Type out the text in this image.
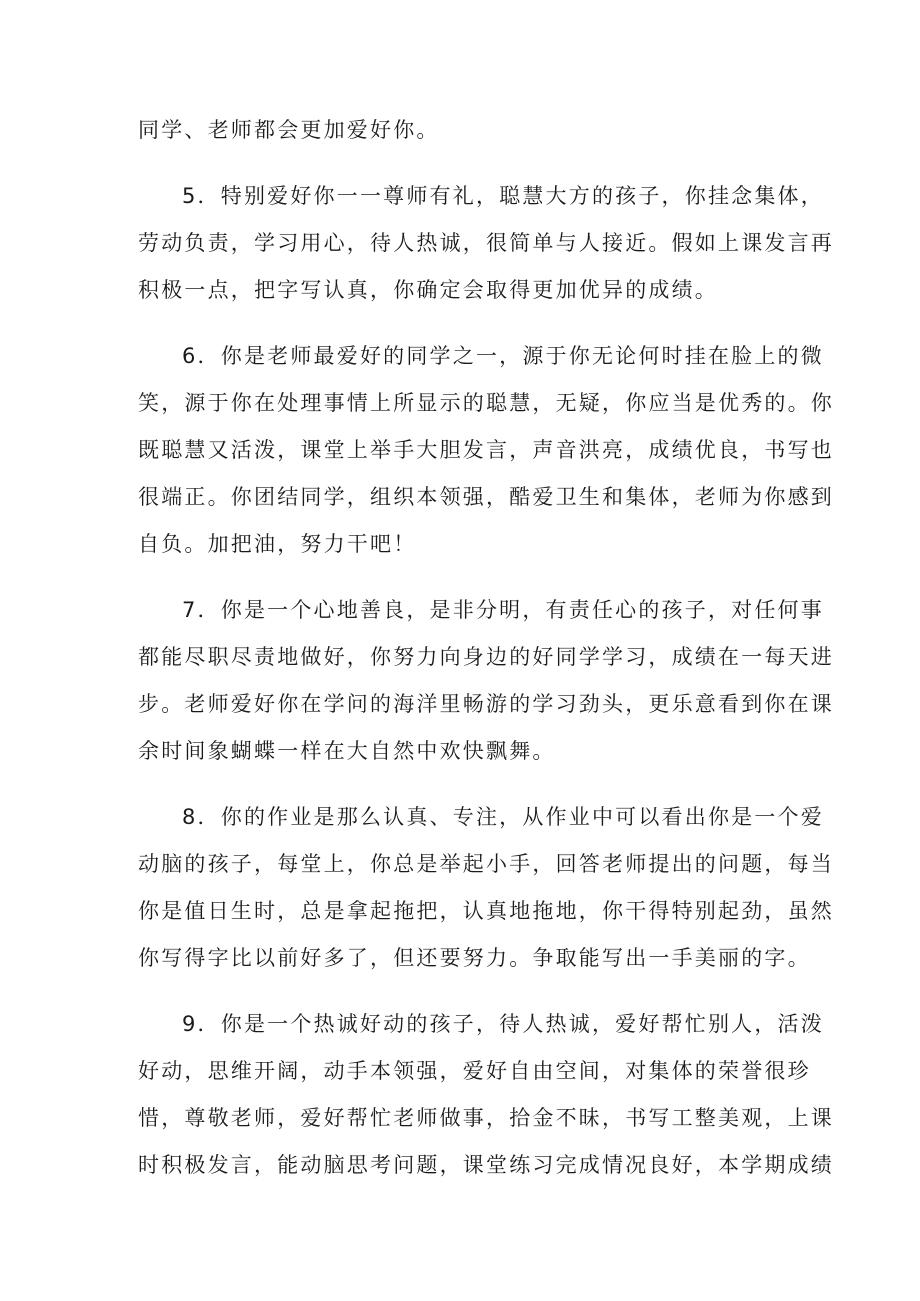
同学、老师都会更加爱好你。
5．特别爱好你一一尊师有礼，聪慧大方的孩子，你挂念集体，
劳动负责，学习用心，待人热诚，很简单与人接近。假如上课发言再
积极一点，把字写认真，你确定会取得更加优异的成绩。
6．你是老师最爱好的同学之一，源于你无论何时挂在脸上的微
笑，源于你在处理事情上所显示的聪慧，无疑，你应当是优秀的。你
既聪慧又活泼，课堂上举手大胆发言，声音洪亮，成绩优良，书写也
很端正。你团结同学，组织本领强，酷爱卫生和集体，老师为你感到
自负。加把油，努力干吧！
7．你是一个心地善良，是非分明，有责任心的孩子，对任何事
都能尽职尽责地做好，你努力向身边的好同学学习，成绩在一每天进
步。老师爱好你在学问的海洋里畅游的学习劲头，更乐意看到你在课
余时间象蝴蝶一样在大自然中欢快飘舞。
8．你的作业是那么认真、专注，从作业中可以看出你是一个爱
动脑的孩子，每堂上，你总是举起小手，回答老师提出的问题，每当
你是值日生时，总是拿起拖把，认真地拖地，你干得特别起劲，虽然
你写得字比以前好多了，但还要努力。争取能写出一手美丽的字。
9．你是一个热诚好动的孩子，待人热诚，爱好帮忙别人，活泼
好动，思维开阔，动手本领强，爱好自由空间，对集体的荣誉很珍
惜，尊敬老师，爱好帮忙老师做事，拾金不昧，书写工整美观，上课
时积极发言，能动脑思考问题，课堂练习完成情况良好，本学期成绩
